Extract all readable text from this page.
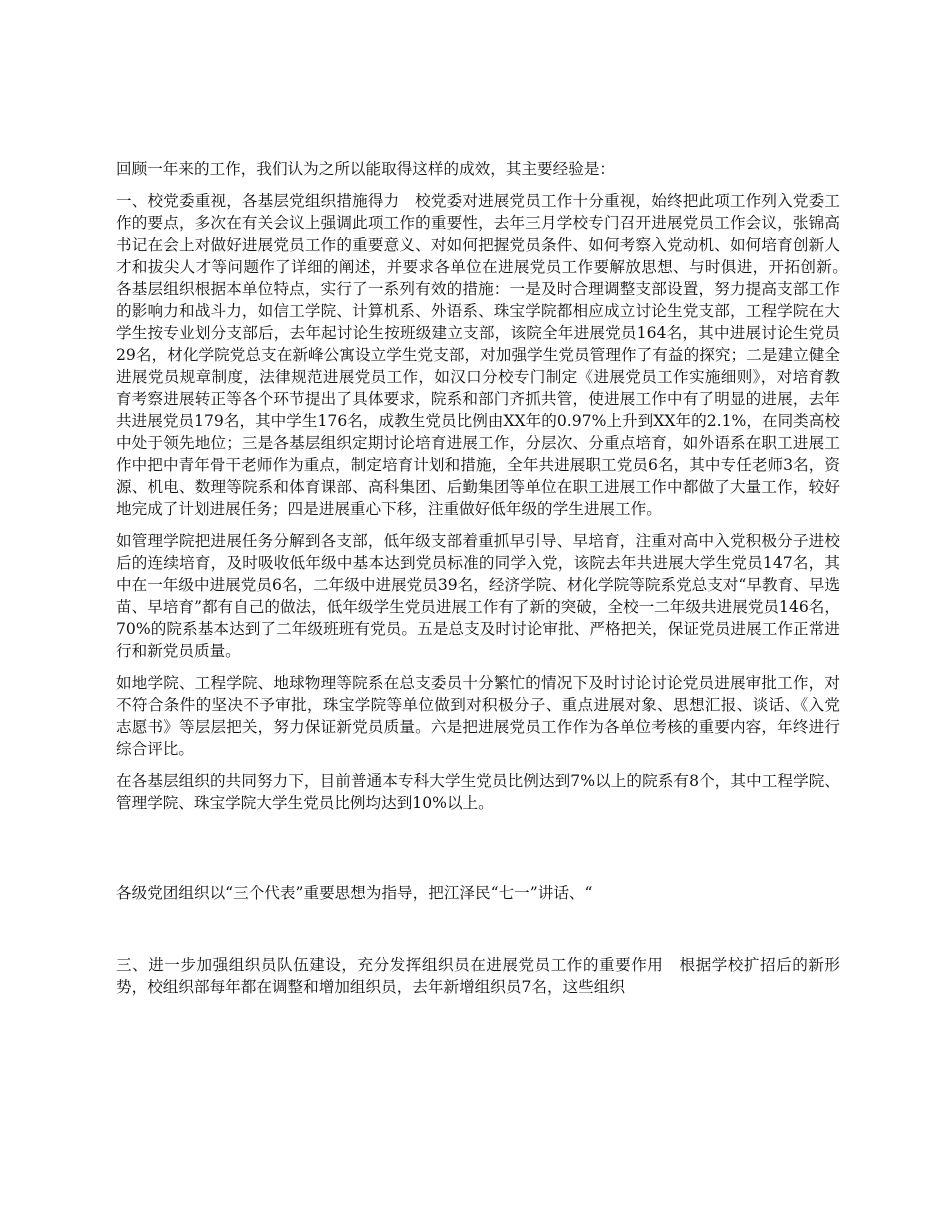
回顾一年来的工作，我们认为之所以能取得这样的成效，其主要经验是：

一、校党委重视，各基层党组织措施得力　校党委对进展党员工作十分重视，始终把此项工作列入党委工作的要点，多次在有关会议上强调此项工作的重要性，去年三月学校专门召开进展党员工作会议，张锦高书记在会上对做好进展党员工作的重要意义、对如何把握党员条件、如何考察入党动机、如何培育创新人才和拔尖人才等问题作了详细的阐述，并要求各单位在进展党员工作要解放思想、与时俱进，开拓创新。　各基层组织根据本单位特点，实行了一系列有效的措施：一是及时合理调整支部设置，努力提高支部工作的影响力和战斗力，如信工学院、计算机系、外语系、珠宝学院都相应成立讨论生党支部，工程学院在大学生按专业划分支部后，去年起讨论生按班级建立支部，该院全年进展党员164名，其中进展讨论生党员29名，材化学院党总支在新峰公寓设立学生党支部，对加强学生党员管理作了有益的探究；二是建立健全进展党员规章制度，法律规范进展党员工作，如汉口分校专门制定《进展党员工作实施细则》，对培育教育考察进展转正等各个环节提出了具体要求，院系和部门齐抓共管，使进展工作中有了明显的进展，去年共进展党员179名，其中学生176名，成教生党员比例由XX年的0.97%上升到XX年的2.1%，在同类高校中处于领先地位；三是各基层组织定期讨论培育进展工作，分层次、分重点培育，如外语系在职工进展工作中把中青年骨干老师作为重点，制定培育计划和措施，全年共进展职工党员6名，其中专任老师3名，资源、机电、数理等院系和体育课部、高科集团、后勤集团等单位在职工进展工作中都做了大量工作，较好地完成了计划进展任务；四是进展重心下移，注重做好低年级的学生进展工作。

如管理学院把进展任务分解到各支部，低年级支部着重抓早引导、早培育，注重对高中入党积极分子进校后的连续培育，及时吸收低年级中基本达到党员标准的同学入党，该院去年共进展大学生党员147名，其中在一年级中进展党员6名，二年级中进展党员39名，经济学院、材化学院等院系党总支对“早教育、早选苗、早培育”都有自己的做法，低年级学生党员进展工作有了新的突破，全校一二年级共进展党员146名，70%的院系基本达到了二年级班班有党员。五是总支及时讨论审批、严格把关，保证党员进展工作正常进行和新党员质量。

如地学院、工程学院、地球物理等院系在总支委员十分繁忙的情况下及时讨论讨论党员进展审批工作，对不符合条件的坚决不予审批，珠宝学院等单位做到对积极分子、重点进展对象、思想汇报、谈话、《入党志愿书》等层层把关，努力保证新党员质量。六是把进展党员工作作为各单位考核的重要内容，年终进行综合评比。

在各基层组织的共同努力下，目前普通本专科大学生党员比例达到7%以上的院系有8个，其中工程学院、管理学院、珠宝学院大学生党员比例均达到10%以上。

各级党团组织以“三个代表”重要思想为指导，把江泽民“七一”讲话、“

三、进一步加强组织员队伍建设，充分发挥组织员在进展党员工作的重要作用　根据学校扩招后的新形势，校组织部每年都在调整和增加组织员，去年新增组织员7名，这些组织
